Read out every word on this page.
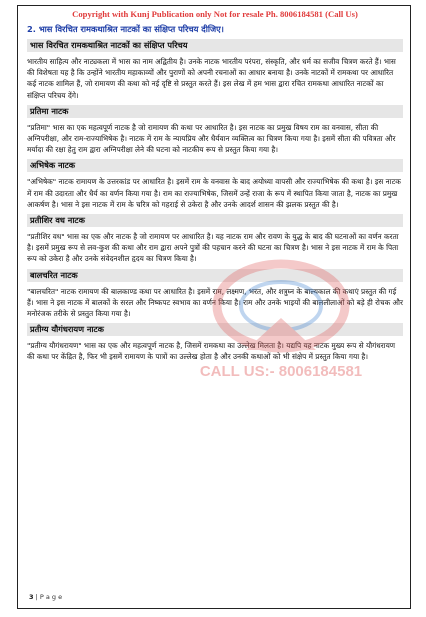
Copyright with Kunj Publication only Not for resale Ph. 8006184581 (Call Us)
2. भास विरचित रामकथाश्रित नाटकों का संक्षिप्त परिचय दीजिए।
भास विरचित रामकथाश्रित नाटकों का संक्षिप्त परिचय

भारतीय साहित्य और नाट्यकला में भास का नाम अद्वितीय है। उनके नाटक भारतीय परंपरा, संस्कृति, और धर्म का सजीव चित्रण करते हैं। भास की विशेषता यह है कि उन्होंने भारतीय महाकाव्यों और पुराणों को अपनी रचनाओं का आधार बनाया है। उनके नाटकों में रामकथा पर आधारित कई नाटक शामिल हैं, जो रामायण की कथा को नई दृष्टि से प्रस्तुत करते हैं। इस लेख में हम भास द्वारा रचित रामकथा आधारित नाटकों का संक्षिप्त परिचय देंगे।

प्रतिमा नाटक

"प्रतिमा" भास का एक महत्वपूर्ण नाटक है जो रामायण की कथा पर आधारित है। इस नाटक का प्रमुख विषय राम का वनवास, सीता की अग्निपरीक्षा, और राम-राज्याभिषेक है। नाटक में राम के न्यायप्रिय और धैर्यवान व्यक्तित्व का चित्रण किया गया है। इसमें सीता की पवित्रता और मर्यादा की रक्षा हेतु राम द्वारा अग्निपरीक्षा लेने की घटना को नाटकीय रूप से प्रस्तुत किया गया है।

अभिषेक नाटक

"अभिषेक" नाटक रामायण के उत्तरकांड पर आधारित है। इसमें राम के वनवास के बाद अयोध्या वापसी और राज्याभिषेक की कथा है। इस नाटक में राम की उदारता और धैर्य का वर्णन किया गया है। राम का राज्याभिषेक, जिसमें उन्हें राजा के रूप में स्थापित किया जाता है, नाटक का प्रमुख आकर्षण है। भास ने इस नाटक में राम के चरित्र को गहराई से उकेरा है और उनके आदर्श शासन की झलक प्रस्तुत की है।

प्रतीशिर वध नाटक

"प्रतीशिर वध" भास का एक और नाटक है जो रामायण पर आधारित है। यह नाटक राम और रावण के युद्ध के बाद की घटनाओं का वर्णन करता है। इसमें प्रमुख रूप से लव-कुश की कथा और राम द्वारा अपने पुत्रों की पहचान करने की घटना का चित्रण है। भास ने इस नाटक में राम के पिता रूप को उकेरा है और उनके संवेदनशील हृदय का चित्रण किया है।

बालचरित नाटक

"बालचरित" नाटक रामायण की बालकाण्ड कथा पर आधारित है। इसमें राम, लक्ष्मण, भरत, और शत्रुघ्न के बाल्यकाल की कथाएं प्रस्तुत की गई हैं। भास ने इस नाटक में बालकों के सरल और निष्कपट स्वभाव का वर्णन किया है। राम और उनके भाइयों की बाललीलाओं को बड़े ही रोचक और मनोरंजक तरीके से प्रस्तुत किया गया है।

प्रतीग्य यौगंधरायण नाटक

"प्रतीग्य यौगंधरायण" भास का एक और महत्वपूर्ण नाटक है, जिसमें रामकथा का उल्लेख मिलता है। यद्यपि यह नाटक मुख्य रूप से यौगंधरायण की कथा पर केंद्रित है, फिर भी इसमें रामायण के पात्रों का उल्लेख होता है और उनकी कथाओं को भी संक्षेप में प्रस्तुत किया गया है।

CALL US:- 8006184581
3 | P a g e
